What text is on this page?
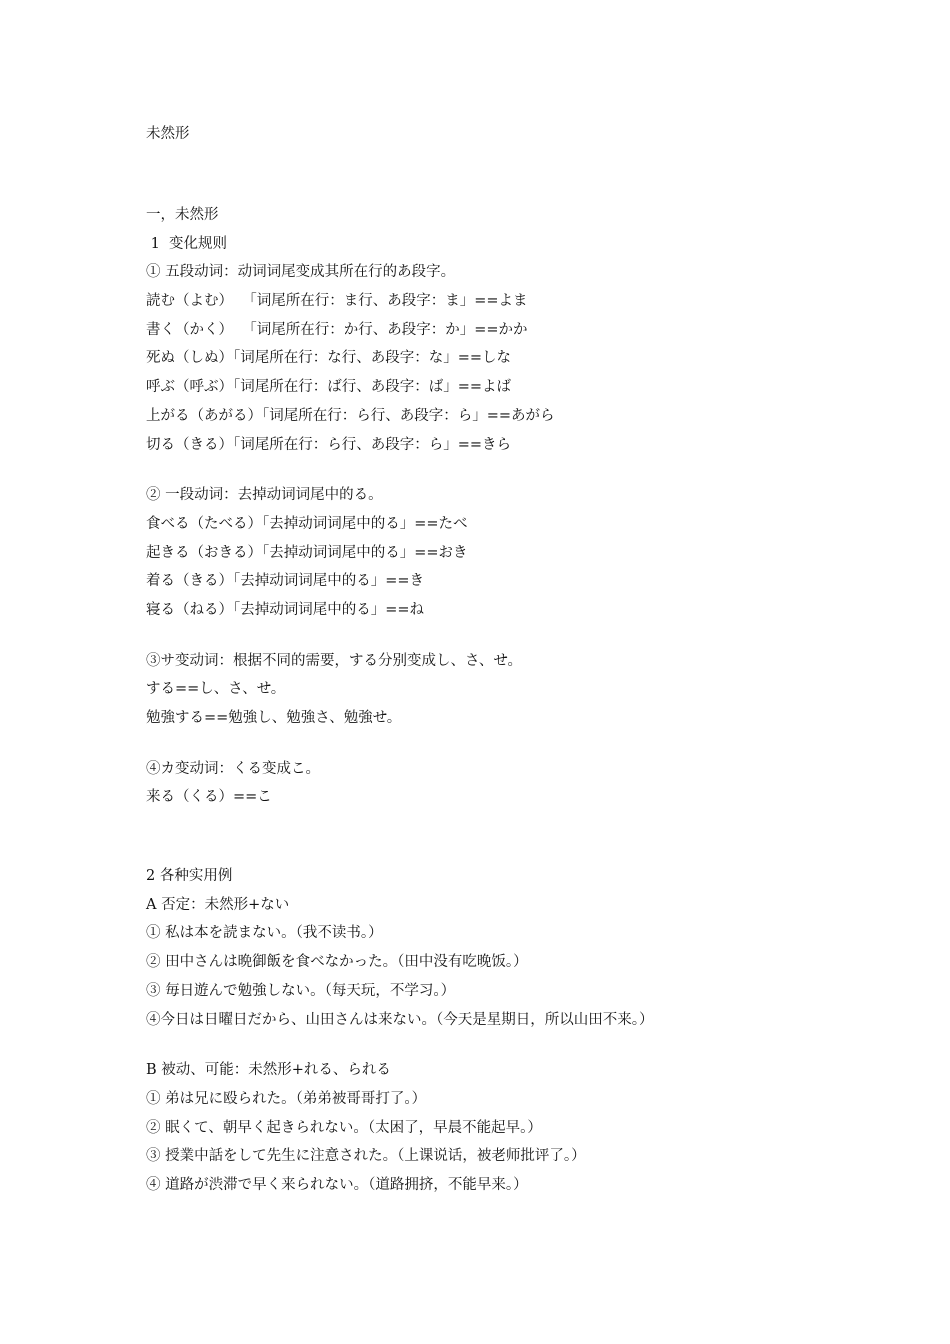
未然形
一，未然形
1  变化规则
① 五段动词：动词词尾变成其所在行的あ段字。
読む（よむ）  「词尾所在行：ま行、あ段字：ま」==よま
書く（かく）  「词尾所在行：か行、あ段字：か」==かか
死ぬ（しぬ）「词尾所在行：な行、あ段字：な」==しな
呼ぶ（呼ぶ）「词尾所在行：ば行、あ段字：ば」==よば
上がる（あがる）「词尾所在行：ら行、あ段字：ら」==あがら
切る（きる）「词尾所在行：ら行、あ段字：ら」==きら
② 一段动词：去掉动词词尾中的る。
食べる（たべる）「去掉动词词尾中的る」==たべ
起きる（おきる）「去掉动词词尾中的る」==おき
着る（きる）「去掉动词词尾中的る」==き
寝る（ねる）「去掉动词词尾中的る」==ね
③サ变动词：根据不同的需要，する分别变成し、さ、せ。
する==し、さ、せ。
勉強する==勉強し、勉強さ、勉強せ。
④カ变动词：くる变成こ。
来る（くる）==こ
2 各种实用例
A 否定：未然形+ない
① 私は本を読まない。（我不读书。）
② 田中さんは晩御飯を食べなかった。（田中没有吃晚饭。）
③ 毎日遊んで勉強しない。（每天玩，不学习。）
④今日は日曜日だから、山田さんは来ない。（今天是星期日，所以山田不来。）
B 被动、可能：未然形+れる、られる
① 弟は兄に殴られた。（弟弟被哥哥打了。）
② 眠くて、朝早く起きられない。（太困了，早晨不能起早。）
③ 授業中話をして先生に注意された。（上课说话，被老师批评了。）
④ 道路が渋滞で早く来られない。（道路拥挤，不能早来。）
